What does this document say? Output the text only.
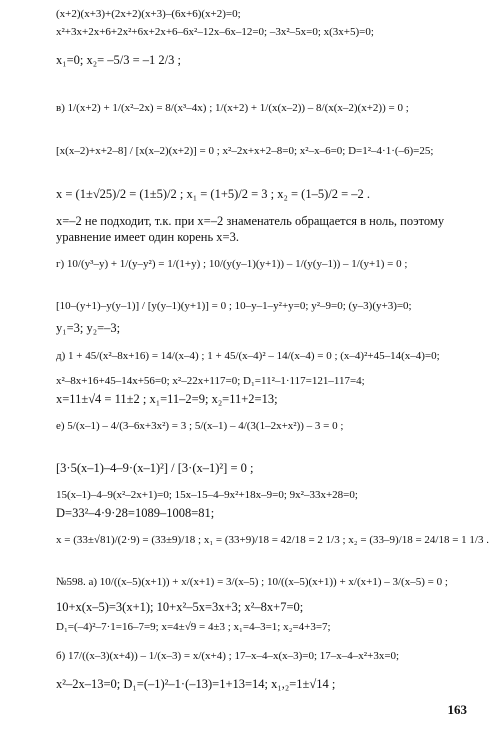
(x+2)(x+3)+(2x+2)(x+3)–(6x+6)(x+2)=0;
x²+3x+2x+6+2x²+6x+2x+6–6x²–12x–6x–12=0; –3x²–5x=0; x(3x+5)=0;
x₁=0; x₂= –5/3 = –1 2/3 ;
в) 1/(x+2) + 1/(x²–2x) = 8/(x³–4x) ; 1/(x+2) + 1/(x(x–2)) – 8/(x(x–2)(x+2)) = 0 ;
[x(x–2)+x+2–8] / [x(x–2)(x+2)] = 0 ; x²–2x+x+2–8=0; x²–x–6=0; D=1²–4·1·(–6)=25;
x = (1±√25)/2 = (1±5)/2 ; x₁ = (1+5)/2 = 3 ; x₂ = (1–5)/2 = –2 .
x=–2 не подходит, т.к. при x=–2 знаменатель обращается в ноль, поэтому уравнение имеет один корень x=3.
г) 10/(y³–y) + 1/(y–y²) = 1/(1+y) ; 10/(y(y–1)(y+1)) – 1/(y(y–1)) – 1/(y+1) = 0 ;
[10–(y+1)–y(y–1)] / [y(y–1)(y+1)] = 0 ; 10–y–1–y²+y=0; y²–9=0; (y–3)(y+3)=0;
y₁=3; y₂=–3;
д) 1 + 45/(x²–8x+16) = 14/(x–4) ; 1 + 45/(x–4)² – 14/(x–4) = 0 ; (x–4)²+45–14(x–4)=0;
x²–8x+16+45–14x+56=0; x²–22x+117=0; D₁=11²–1·117=121–117=4;
x=11±√4 = 11±2 ; x₁=11–2=9; x₂=11+2=13;
е) 5/(x–1) – 4/(3–6x+3x²) = 3 ; 5/(x–1) – 4/(3(1–2x+x²)) – 3 = 0 ;
[3·5(x–1)–4–9·(x–1)²] / [3·(x–1)²] = 0 ;
15(x–1)–4–9(x²–2x+1)=0; 15x–15–4–9x²+18x–9=0; 9x²–33x+28=0;
D=33²–4·9·28=1089–1008=81;
x = (33±√81)/(2·9) = (33±9)/18 ; x₁ = (33+9)/18 = 42/18 = 2 1/3 ; x₂ = (33–9)/18 = 24/18 = 1 1/3 .
№598. а) 10/((x–5)(x+1)) + x/(x+1) = 3/(x–5) ; 10/((x–5)(x+1)) + x/(x+1) – 3/(x–5) = 0 ;
10+x(x–5)=3(x+1); 10+x²–5x=3x+3; x²–8x+7=0;
D₁=(–4)²–7·1=16–7=9; x=4±√9 = 4±3 ; x₁=4–3=1; x₂=4+3=7;
б) 17/((x–3)(x+4)) – 1/(x–3) = x/(x+4) ; 17–x–4–x(x–3)=0; 17–x–4–x²+3x=0;
x²–2x–13=0; D₁=(–1)²–1·(–13)=1+13=14; x₁,₂=1±√14 ;
163
